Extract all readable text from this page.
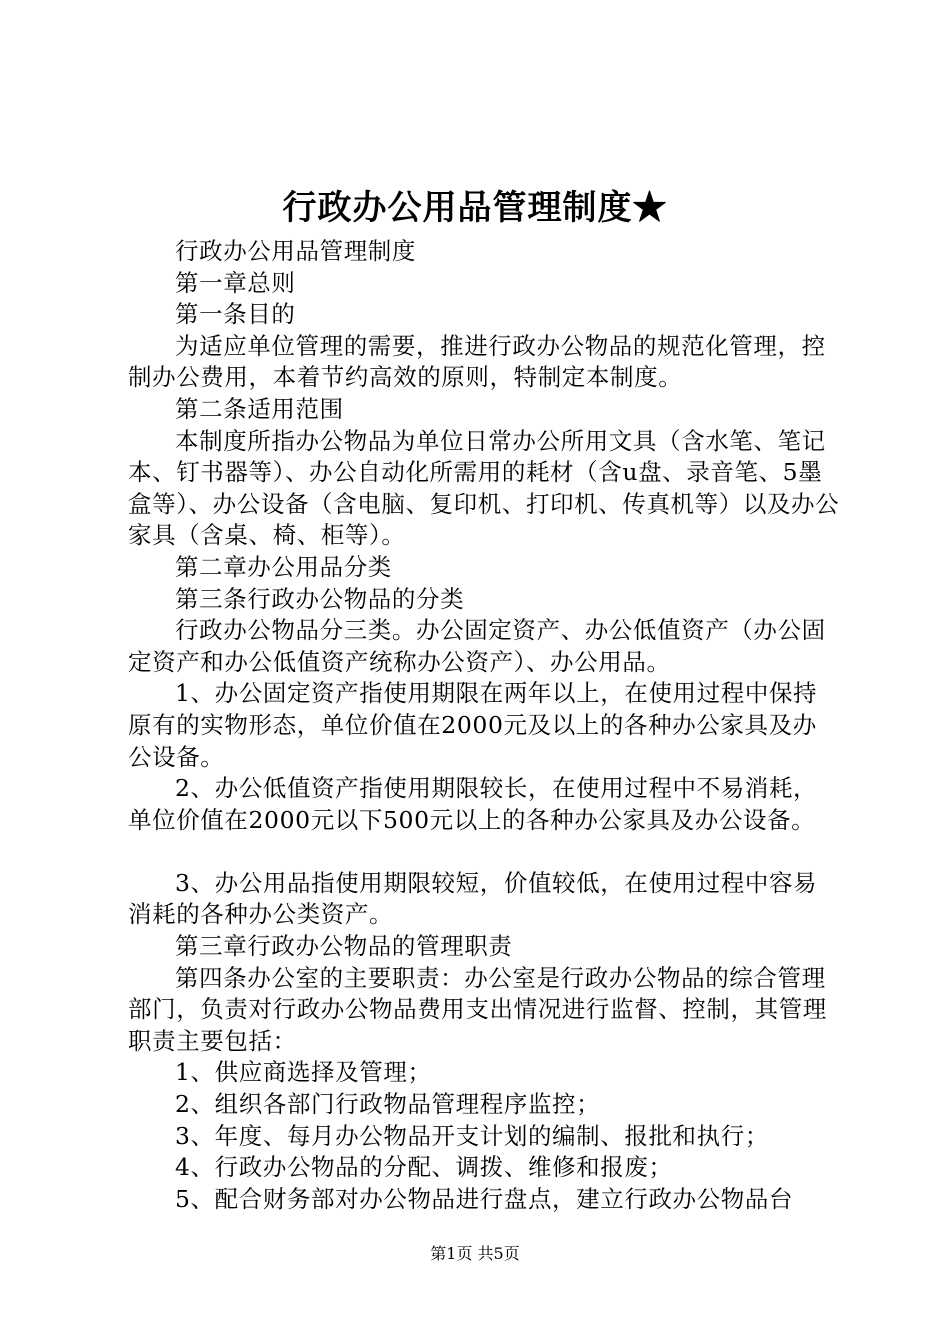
行政办公用品管理制度★

行政办公用品管理制度

第一章总则

第一条目的

为适应单位管理的需要，推进行政办公物品的规范化管理，控制办公费用，本着节约高效的原则，特制定本制度。

第二条适用范围

本制度所指办公物品为单位日常办公所用文具（含水笔、笔记本、钉书器等）、办公自动化所需用的耗材（含u盘、录音笔、5墨盒等）、办公设备（含电脑、复印机、打印机、传真机等）以及办公家具（含桌、椅、柜等）。

第二章办公用品分类

第三条行政办公物品的分类

行政办公物品分三类。办公固定资产、办公低值资产（办公固定资产和办公低值资产统称办公资产）、办公用品。

1、办公固定资产指使用期限在两年以上，在使用过程中保持原有的实物形态，单位价值在2000元及以上的各种办公家具及办公设备。

2、办公低值资产指使用期限较长，在使用过程中不易消耗，单位价值在2000元以下500元以上的各种办公家具及办公设备。

3、办公用品指使用期限较短，价值较低，在使用过程中容易消耗的各种办公类资产。

第三章行政办公物品的管理职责

第四条办公室的主要职责：办公室是行政办公物品的综合管理部门，负责对行政办公物品费用支出情况进行监督、控制，其管理职责主要包括：

1、供应商选择及管理；

2、组织各部门行政物品管理程序监控；

3、年度、每月办公物品开支计划的编制、报批和执行；

4、行政办公物品的分配、调拨、维修和报废；

5、配合财务部对办公物品进行盘点，建立行政办公物品台

第1页 共5页
